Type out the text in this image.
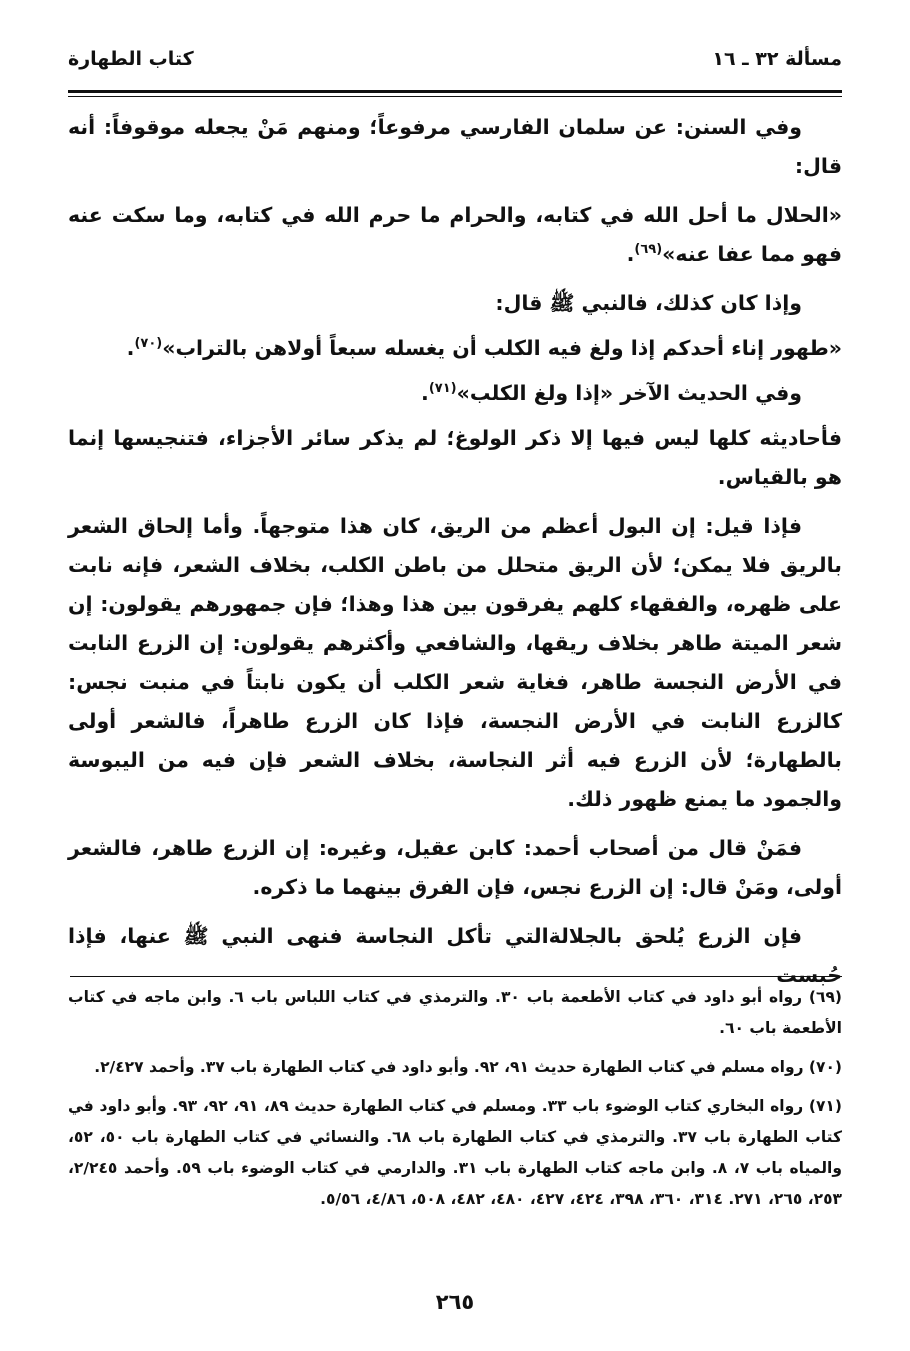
مسألة ٣٢ ـ ١٦
كتاب الطهارة

وفي السنن: عن سلمان الفارسي مرفوعاً؛ ومنهم مَنْ يجعله موقوفاً: أنه قال:

«الحلال ما أحل الله في كتابه، والحرام ما حرم الله في كتابه، وما سكت عنه فهو مما عفا عنه»$^{(٦٩)}$.

وإذا كان كذلك، فالنبي ﷺ قال:

«طهور إناء أحدكم إذا ولغ فيه الكلب أن يغسله سبعاً أولاهن بالتراب»$^{(٧٠)}$.

وفي الحديث الآخر «إذا ولغ الكلب»$^{(٧١)}$.

فأحاديثه كلها ليس فيها إلا ذكر الولوغ؛ لم يذكر سائر الأجزاء، فتنجيسها إنما هو بالقياس.

فإذا قيل: إن البول أعظم من الريق، كان هذا متوجهاً. وأما إلحاق الشعر بالريق فلا يمكن؛ لأن الريق متحلل من باطن الكلب، بخلاف الشعر، فإنه نابت على ظهره، والفقهاء كلهم يفرقون بين هذا وهذا؛ فإن جمهورهم يقولون: إن شعر الميتة طاهر بخلاف ريقها، والشافعي وأكثرهم يقولون: إن الزرع النابت في الأرض النجسة طاهر، فغاية شعر الكلب أن يكون نابتاً في منبت نجس: كالزرع النابت في الأرض النجسة، فإذا كان الزرع طاهراً، فالشعر أولى بالطهارة؛ لأن الزرع فيه أثر النجاسة، بخلاف الشعر فإن فيه من اليبوسة والجمود ما يمنع ظهور ذلك.

فمَنْ قال من أصحاب أحمد: كابن عقيل، وغيره: إن الزرع طاهر، فالشعر أولى، ومَنْ قال: إن الزرع نجس، فإن الفرق بينهما ما ذكره.

فإن الزرع يُلحق بالجلالةالتي تأكل النجاسة فنهى النبي ﷺ عنها، فإذا حُبست

(٦٩) رواه أبو داود في كتاب الأطعمة باب ٣٠. والترمذي في كتاب اللباس باب ٦. وابن ماجه في كتاب الأطعمة باب ٦٠.

(٧٠) رواه مسلم في كتاب الطهارة حديث ٩١، ٩٢. وأبو داود في كتاب الطهارة باب ٣٧. وأحمد ٢/٤٢٧.

(٧١) رواه البخاري كتاب الوضوء باب ٣٣. ومسلم في كتاب الطهارة حديث ٨٩، ٩١، ٩٢، ٩٣. وأبو داود في كتاب الطهارة باب ٣٧. والترمذي في كتاب الطهارة باب ٦٨. والنسائي في كتاب الطهارة باب ٥٠، ٥٢، والمياه باب ٧، ٨. وابن ماجه كتاب الطهارة باب ٣١. والدارمي في كتاب الوضوء باب ٥٩. وأحمد ٢/٢٤٥، ٢٥٣، ٢٦٥، ٢٧١. ٣١٤، ٣٦٠، ٣٩٨، ٤٢٤، ٤٢٧، ٤٨٠، ٤٨٢، ٥٠٨، ٤/٨٦، ٥/٥٦.

٢٦٥
